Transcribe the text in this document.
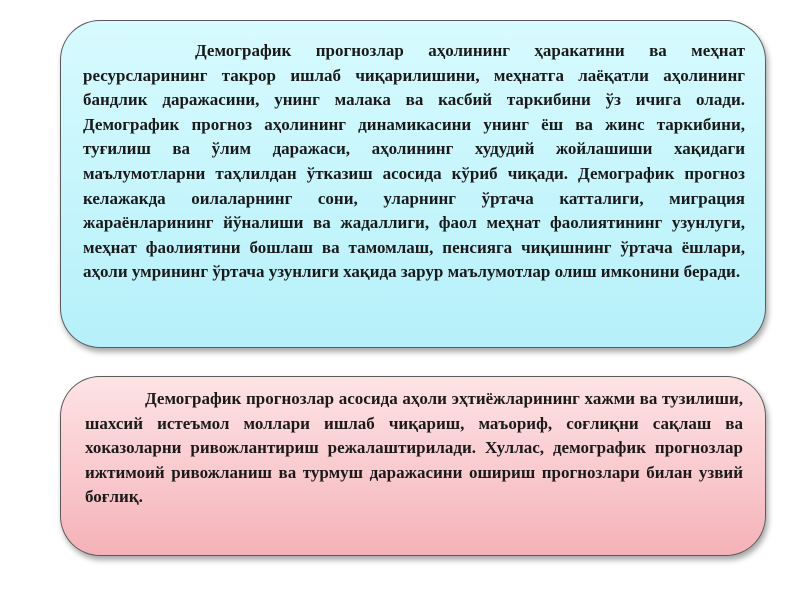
Демографик прогнозлар аҳолининг ҳаракатини ва меҳнат ресурсларининг такрор ишлаб чиқарилишини, меҳнатга лаёқатли аҳолининг бандлик даражасини, унинг малака ва касбий таркибини ўз ичига олади. Демографик прогноз аҳолининг динамикасини унинг ёш ва жинс таркибини, туғилиш ва ўлим даражаси, аҳолининг худудий жойлашиши хақидаги маълумотларни таҳлилдан ўтказиш асосида кўриб чиқади. Демографик прогноз келажакда оилаларнинг сони, уларнинг ўртача катталиги, миграция жараёнларининг йўналиши ва жадаллиги, фаол меҳнат фаолиятининг узунлуги, меҳнат фаолиятини бошлаш ва тамомлаш, пенсияга чиқишнинг ўртача ёшлари, аҳоли умрининг ўртача узунлиги хақида зарур маълумотлар олиш имконини беради.

Демографик прогнозлар асосида аҳоли эҳтиёжларининг хажми ва тузилиши, шахсий истеъмол моллари ишлаб чиқариш, маъориф, соғлиқни сақлаш ва хоказоларни ривожлантириш режалаштирилади. Хуллас, демографик прогнозлар ижтимоий ривожланиш ва турмуш даражасини ошириш прогнозлари билан узвий боғлиқ.
